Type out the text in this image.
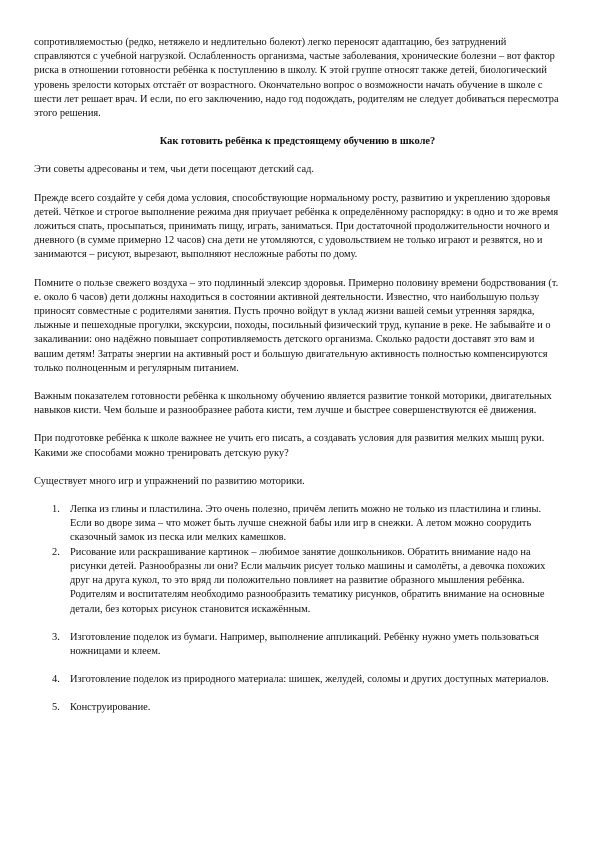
сопротивляемостью (редко, нетяжело и недлительно болеют) легко переносят адаптацию, без затруднений справляются с учебной нагрузкой. Ослабленность организма, частые заболевания, хронические болезни – вот фактор риска в отношении готовности ребёнка к поступлению в школу. К этой группе относят также детей, биологический уровень зрелости которых отстаёт от возрастного. Окончательно вопрос о возможности начать обучение в школе с шести лет решает врач. И если, по его заключению, надо год подождать, родителям не следует добиваться пересмотра этого решения.

Как готовить ребёнка к предстоящему обучению в школе?

Эти советы адресованы и тем, чьи дети посещают детский сад.

Прежде всего создайте у себя дома условия, способствующие нормальному росту, развитию и укреплению здоровья детей. Чёткое и строгое выполнение режима дня приучает ребёнка к определённому распорядку: в одно и то же время ложиться спать, просыпаться, принимать пищу, играть, заниматься. При достаточной продолжительности ночного и дневного (в сумме примерно 12 часов) сна дети не утомляются, с удовольствием не только играют и резвятся, но и занимаются – рисуют, вырезают, выполняют несложные работы по дому.

Помните о пользе свежего воздуха – это подлинный элексир здоровья. Примерно половину времени бодрствования (т. е. около 6 часов) дети должны находиться в состоянии активной деятельности. Известно, что наибольшую пользу приносят совместные с родителями занятия. Пусть прочно войдут в уклад жизни вашей семьи утренняя зарядка, лыжные и пешеходные прогулки, экскурсии, походы, посильный физический труд, купание в реке. Не забывайте и о закаливании: оно надёжно повышает сопротивляемость детского организма. Сколько радости доставят это вам и вашим детям! Затраты энергии на активный рост и большую двигательную активность полностью компенсируются только полноценным и регулярным питанием.

Важным показателем готовности ребёнка к школьному обучению является развитие тонкой моторики, двигательных навыков кисти. Чем больше и разнообразнее работа кисти, тем лучше и быстрее совершенствуются её движения.

При подготовке ребёнка к школе важнее не учить его писать, а создавать условия для развития мелких мышц руки. Какими же способами можно тренировать детскую руку?

Существует много игр и упражнений по развитию моторики.

1. Лепка из глины и пластилина. Это очень полезно, причём лепить можно не только из пластилина и глины. Если во дворе зима – что может быть лучше снежной бабы или игр в снежки. А летом можно соорудить сказочный замок из песка или мелких камешков.
2. Рисование или раскрашивание картинок – любимое занятие дошкольников. Обратить внимание надо на рисунки детей. Разнообразны ли они? Если мальчик рисует только машины и самолёты, а девочка похожих друг на друга кукол, то это вряд ли положительно повлияет на развитие образного мышления ребёнка. Родителям и воспитателям необходимо разнообразить тематику рисунков, обратить внимание на основные детали, без которых рисунок становится искажённым.
3. Изготовление поделок из бумаги. Например, выполнение аппликаций. Ребёнку нужно уметь пользоваться ножницами и клеем.
4. Изготовление поделок из природного материала: шишек, желудей, соломы и других доступных материалов.
5. Конструирование.
